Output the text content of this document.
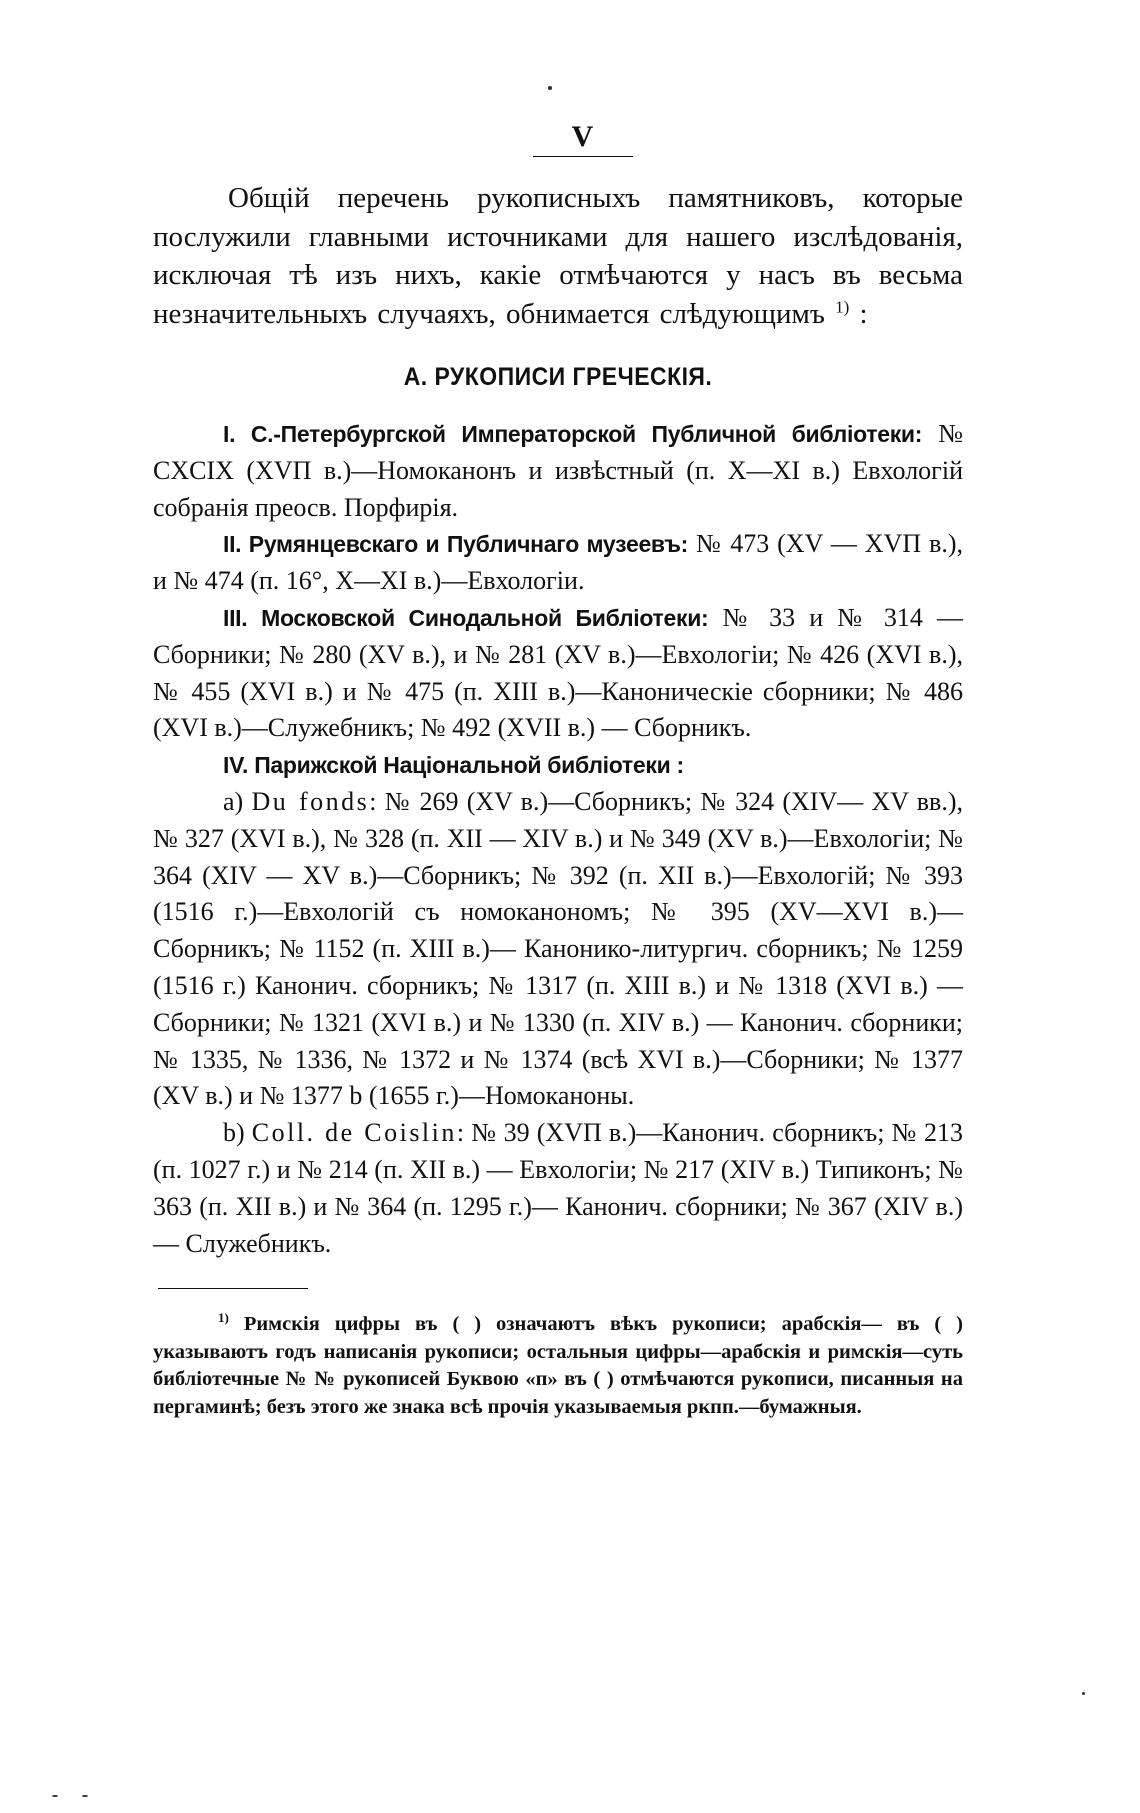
V

Общій перечень рукописныхъ памятниковъ, которые послужили главными источниками для нашего изслѣдованія, исключая тѣ изъ нихъ, какіе отмѣчаются у насъ въ весьма незначительныхъ случаяхъ, обнимается слѣдующимъ $^{1)}$ :

А. РУКОПИСИ ГРЕЧЕСКІЯ.
I. С.-Петербургской Императорской Публичной библіотеки: № CXCIX (XVП в.)—Номоканонъ и извѣстный (п. X—XI в.) Евхологій собранія преосв. Порфирія.
II. Румянцевскаго и Публичнаго музеевъ: № 473 (XV — XVП в.), и № 474 (п. 16°, X—XI в.)—Евхологіи.
III. Московской Синодальной Библіотеки: № 33 и № 314 — Сборники; № 280 (XV в.), и № 281 (XV в.)—Евхологіи; № 426 (XVI в.), № 455 (XVI в.) и № 475 (п. XIII в.)—Каноническіе сборники; № 486 (XVI в.)—Служебникъ; № 492 (XVII в.) — Сборникъ.
IV. Парижской Національной библіотеки :
a) Du fonds: № 269 (XV в.)—Сборникъ; № 324 (XIV— XV вв.), № 327 (XVI в.), № 328 (п. XII — XIV в.) и № 349 (XV в.)—Евхологіи; № 364 (XIV — XV в.)—Сборникъ; № 392 (п. XII в.)—Евхологій; № 393 (1516 г.)—Евхологій съ номоканономъ; № 395 (XV—XVI в.)—Сборникъ; № 1152 (п. XIII в.)— Канонико-литургич. сборникъ; № 1259 (1516 г.) Канонич. сборникъ; № 1317 (п. XIII в.) и № 1318 (XVI в.) — Сборники; № 1321 (XVI в.) и № 1330 (п. XIV в.) — Канонич. сборники; № 1335, № 1336, № 1372 и № 1374 (всѣ XVI в.)—Сборники; № 1377 (XV в.) и № 1377 b (1655 г.)—Номоканоны.
b) Coll. de Coislin: № 39 (XVП в.)—Канонич. сборникъ; № 213 (п. 1027 г.) и № 214 (п. XII в.) — Евхологіи; № 217 (XIV в.) Типиконъ; № 363 (п. XII в.) и № 364 (п. 1295 г.)— Канонич. сборники; № 367 (XIV в.) — Служебникъ.

$^{1)}$ Римскія цифры въ ( ) означаютъ вѣкъ рукописи; арабскія— въ ( ) указываютъ годъ написанія рукописи; остальныя цифры—арабскія и римскія—суть библіотечные № № рукописей Буквою «п» въ ( ) отмѣчаются рукописи, писанныя на пергаминѣ; безъ этого же знака всѣ прочія указываемыя ркпп.—бумажныя.
